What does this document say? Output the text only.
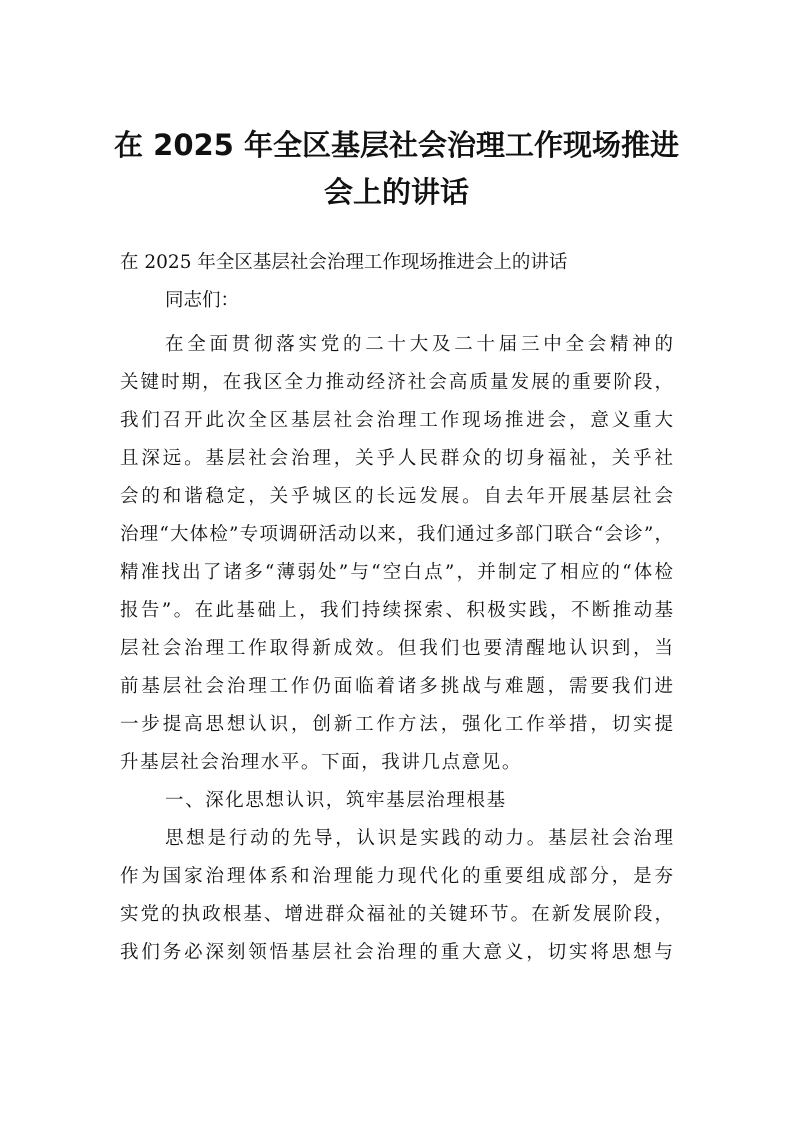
在 2025 年全区基层社会治理工作现场推进
会上的讲话
在 2025 年全区基层社会治理工作现场推进会上的讲话
同志们：
在全面贯彻落实党的二十大及二十届三中全会精神的
关键时期，在我区全力推动经济社会高质量发展的重要阶段，
我们召开此次全区基层社会治理工作现场推进会，意义重大
且深远。基层社会治理，关乎人民群众的切身福祉，关乎社
会的和谐稳定，关乎城区的长远发展。自去年开展基层社会
治理“大体检”专项调研活动以来，我们通过多部门联合“会诊”，
精准找出了诸多“薄弱处”与“空白点”，并制定了相应的“体检
报告”。在此基础上，我们持续探索、积极实践，不断推动基
层社会治理工作取得新成效。但我们也要清醒地认识到，当
前基层社会治理工作仍面临着诸多挑战与难题，需要我们进
一步提高思想认识，创新工作方法，强化工作举措，切实提
升基层社会治理水平。下面，我讲几点意见。
一、深化思想认识，筑牢基层治理根基
思想是行动的先导，认识是实践的动力。基层社会治理
作为国家治理体系和治理能力现代化的重要组成部分，是夯
实党的执政根基、增进群众福祉的关键环节。在新发展阶段，
我们务必深刻领悟基层社会治理的重大意义，切实将思想与
